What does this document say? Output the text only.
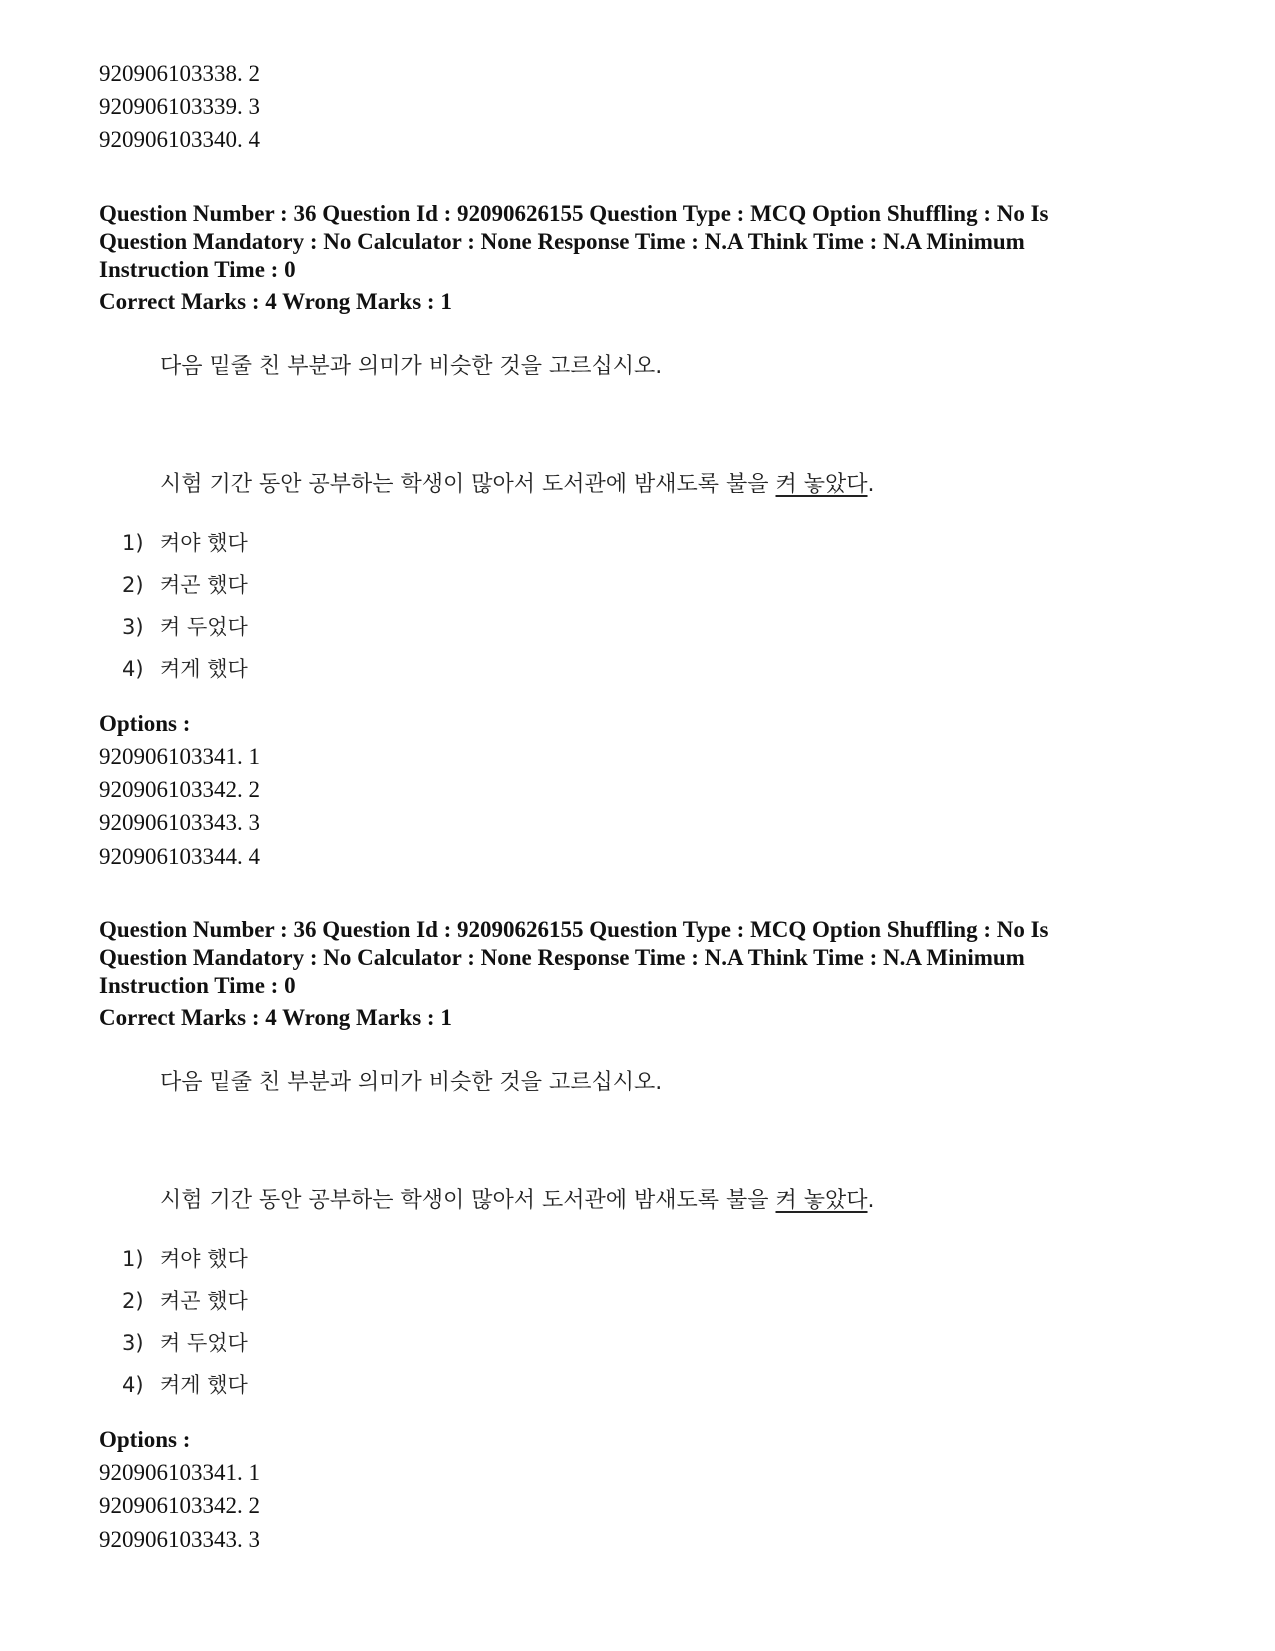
920906103338. 2
920906103339. 3
920906103340. 4
Question Number : 36 Question Id : 92090626155 Question Type : MCQ Option Shuffling : No Is
Question Mandatory : No Calculator : None Response Time : N.A Think Time : N.A Minimum
Instruction Time : 0
Correct Marks : 4 Wrong Marks : 1
다음 밑줄 친 부분과 의미가 비슷한 것을 고르십시오.
시험 기간 동안 공부하는 학생이 많아서 도서관에 밤새도록 불을 켜 놓았다.
1) 켜야 했다
2) 켜곤 했다
3) 켜 두었다
4) 켜게 했다
Options :
920906103341. 1
920906103342. 2
920906103343. 3
920906103344. 4
Question Number : 36 Question Id : 92090626155 Question Type : MCQ Option Shuffling : No Is
Question Mandatory : No Calculator : None Response Time : N.A Think Time : N.A Minimum
Instruction Time : 0
Correct Marks : 4 Wrong Marks : 1
다음 밑줄 친 부분과 의미가 비슷한 것을 고르십시오.
시험 기간 동안 공부하는 학생이 많아서 도서관에 밤새도록 불을 켜 놓았다.
1) 켜야 했다
2) 켜곤 했다
3) 켜 두었다
4) 켜게 했다
Options :
920906103341. 1
920906103342. 2
920906103343. 3
